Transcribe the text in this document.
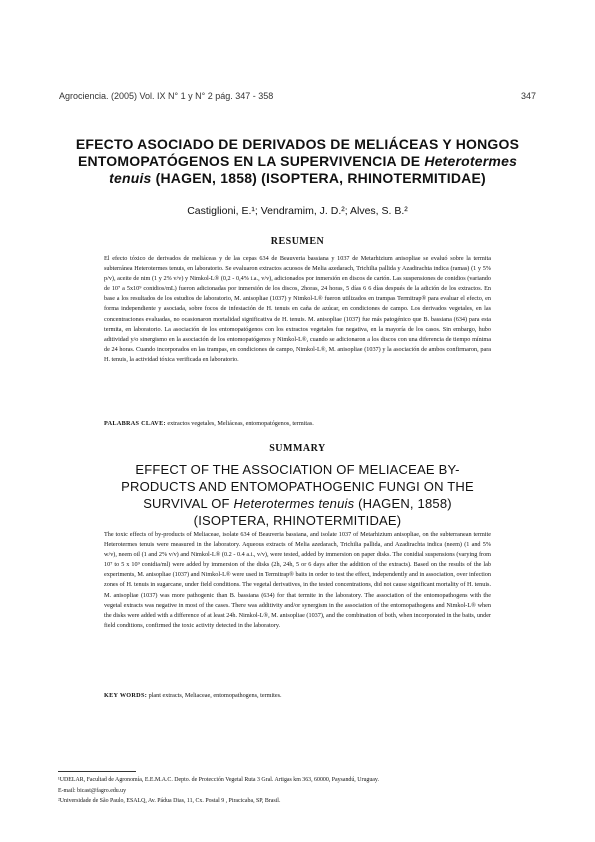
Agrociencia. (2005) Vol. IX N° 1 y N° 2 pág. 347 - 358	347
EFECTO ASOCIADO DE DERIVADOS DE MELIÁCEAS Y HONGOS
ENTOMOPATÓGENOS EN LA SUPERVIVENCIA DE Heterotermes
tenuis (HAGEN, 1858) (ISOPTERA, RHINOTERMITIDAE)
Castiglioni, E.¹; Vendramim, J. D.²; Alves, S. B.²
RESUMEN

El efecto tóxico de derivados de meliáceas y de las cepas 634 de Beauveria bassiana y 1037 de Metarhizium anisopliae se evaluó sobre la termita subterránea Heterotermes tenuis, en laboratorio. Se evaluaron extractos acuosos de Melia azedarach, Trichilia pallida y Azadirachta indica (ramas) (1 y 5% p/v), aceite de nim (1 y 2% v/v) y Nimkol-L® (0,2 - 0,4% i.a., v/v), adicionados por inmersión en discos de cartón. Las suspensiones de conidios (variando de 10⁷ a 5x10⁹ conidios/mL) fueron adicionadas por inmersión de los discos, 2horas, 24 horas, 5 días 6 6 días después de la adición de los extractos. En base a los resultados de los estudios de laboratorio, M. anisopliae (1037) y Nimkol-L® fueron utilizados en trampas Termitrap® para evaluar el efecto, en forma independiente y asociada, sobre focos de infestación de H. tenuis en caña de azúcar, en condiciones de campo. Los derivados vegetales, en las concentraciones evaluadas, no ocasionaron mortalidad significativa de H. tenuis. M. anisopliae (1037) fue más patogénico que B. bassiana (634) para esta termita, en laboratorio. La asociación de los entomopatógenos con los extractos vegetales fue negativa, en la mayoría de los casos. Sin embargo, hubo aditividad y/o sinergismo en la asociación de los entomopatógenos y Nimkol-L®, cuando se adicionaron a los discos con una diferencia de tiempo mínima de 24 horas. Cuando incorporados en las trampas, en condiciones de campo, Nimkol-L®, M. anisopliae (1037) y la asociación de ambos confirmaron, para H. tenuis, la actividad tóxica verificada en laboratorio.

PALABRAS CLAVE: extractos vegetales, Meliáceas, entomopatógenos, termitas.
SUMMARY
EFFECT OF THE ASSOCIATION OF MELIACEAE BY-
PRODUCTS AND ENTOMOPATHOGENIC FUNGI ON THE
SURVIVAL OF Heterotermes tenuis (HAGEN, 1858)
(ISOPTERA, RHINOTERMITIDAE)

The toxic effects of by-products of Meliaceae, isolate 634 of Beauveria bassiana, and isolate 1037 of Metarhizium anisopliae, on the subterranean termite Heterotermes tenuis were measured in the laboratory. Aqueous extracts of Melia azedarach, Trichilia pallida, and Azadirachta indica (neem) (1 and 5% w/v), neem oil (1 and 2% v/v) and Nimkol-L® (0.2 - 0.4 a.i., v/v), were tested, added by immersion on paper disks. The conidial suspensions (varying from 10⁷ to 5 x 10⁹ conidia/ml) were added by immersion of the disks (2h, 24h, 5 or 6 days after the addition of the extracts). Based on the results of the lab experiments, M. anisopliae (1037) and Nimkol-L® were used in Termitrap® baits in order to test the effect, independently and in association, over infection zones of H. tenuis in sugarcane, under field conditions. The vegetal derivatives, in the tested concentrations, did not cause significant mortality of H. tenuis. M. anisopliae (1037) was more pathogenic than B. bassiana (634) for that termite in the laboratory. The association of the entomopathogens with the vegetal extracts was negative in most of the cases. There was additivity and/or synergism in the association of the entomopathogens and Nimkol-L® when the disks were added with a difference of at least 24h. Nimkol-L®, M. anisopliae (1037), and the combination of both, when incorporated in the baits, under field conditions, confirmed the toxic activity detected in the laboratory.

KEY WORDS: plant extracts, Meliaceae, entomopathogens, termites.

¹UDELAR, Facultad de Agronomía, E.E.M.A.C. Depto. de Protección Vegetal Ruta 3 Gral. Artigas km 363, 60000, Paysandú, Uruguay.

E-mail: bicast@fagro.edu.uy

²Universidade de São Paulo, ESALQ, Av. Pádua Dias, 11, Cx. Postal 9 , Piracicaba, SP, Brasil.
